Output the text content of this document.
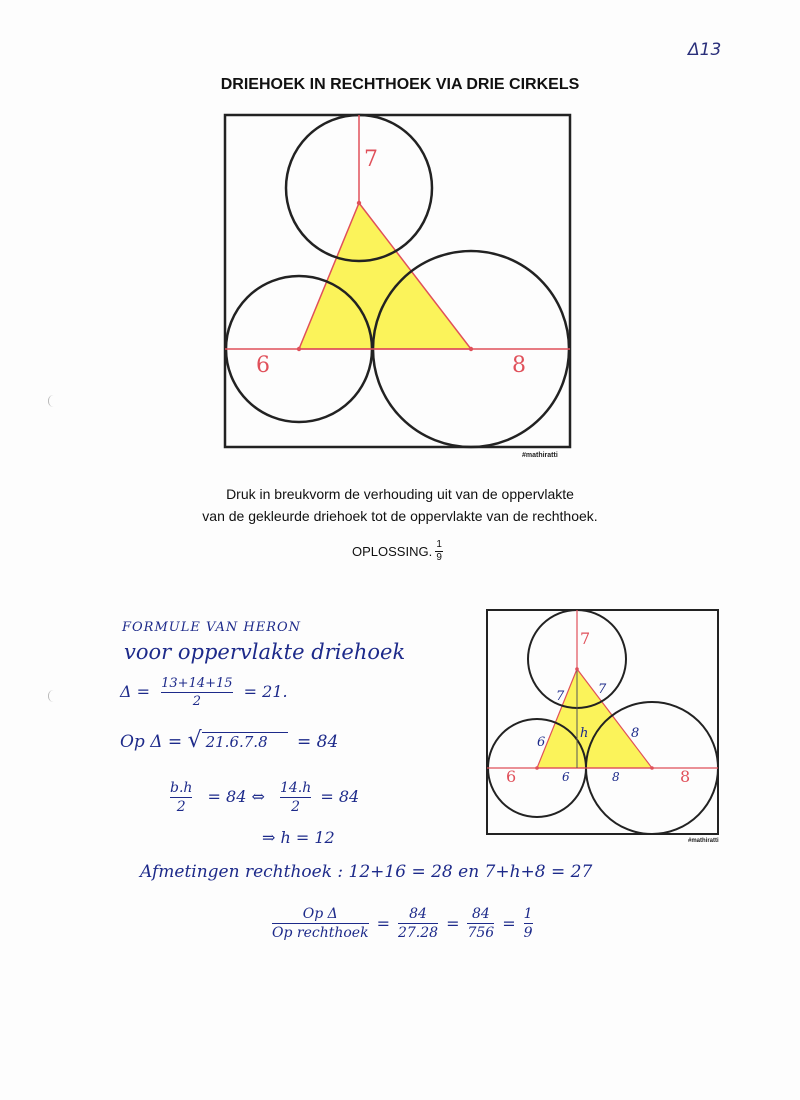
Δ13
DRIEHOEK IN RECHTHOEK VIA DRIE CIRKELS
7
6	8
#mathiratti
Druk in breukvorm de verhouding uit van de oppervlakte
van de gekleurde driehoek tot de oppervlakte van de rechthoek.
OPLOSSING. $\frac{1}{9}$
FORMULE VAN HERON
voor oppervlakte driehoek
$\Delta = \frac{13+14+15}{2} = 21$.
Op Δ = √ 21.6.7.8 = 84
$\frac{b.h}{2} = 84$ ⇔ $\frac{14.h}{2} = 84$
⇒ h = 12
Afmetingen rechthoek : 12+16 = 28 en 7+h+8 = 27
Op Δ
Op rechthoek = 84
27.28 = 84
756 = 1
9
7
6	8
7	7
6
8
h
6	8
#mathiratti
